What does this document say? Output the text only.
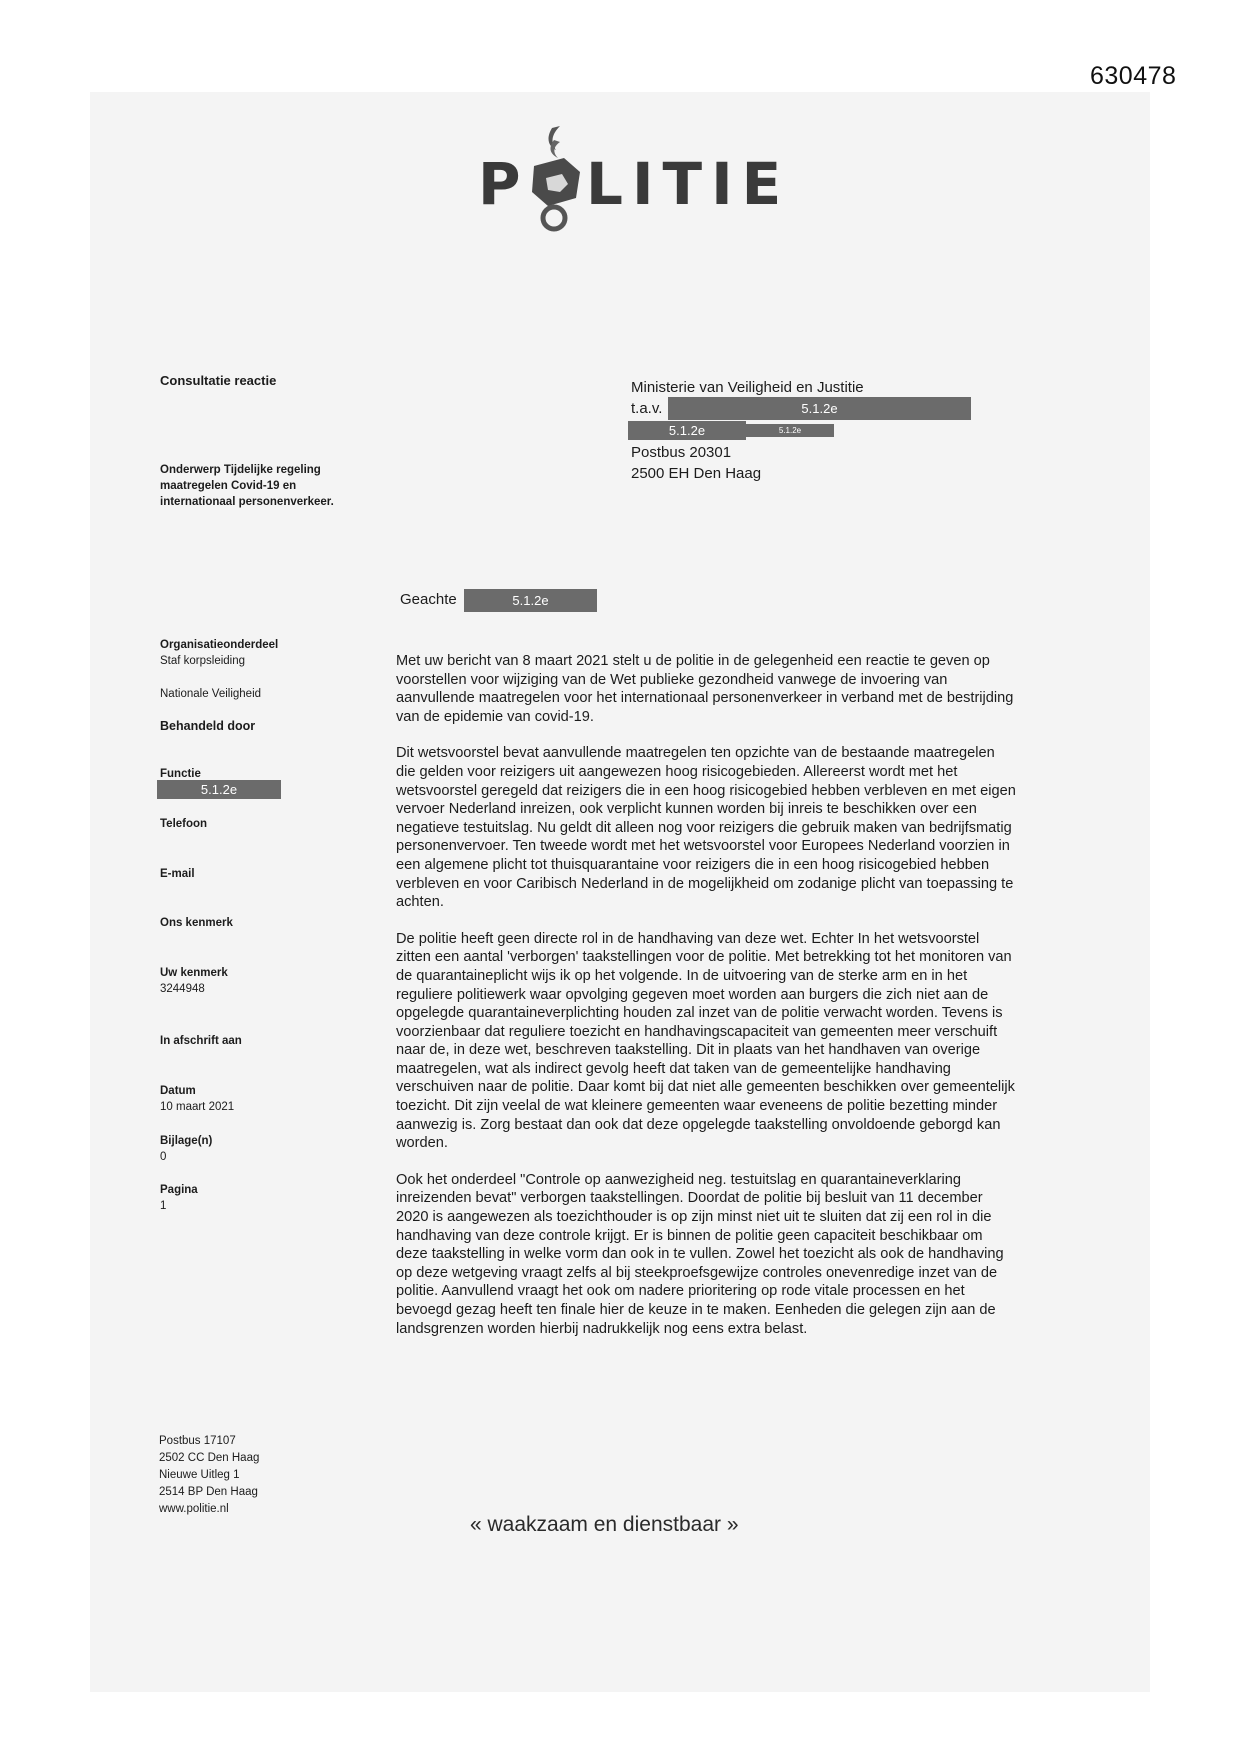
630478
P LITIE
Consultatie reactie
Onderwerp Tijdelijke regeling maatregelen Covid-19 en internationaal personenverkeer.
Organisatieonderdeel
Staf korpsleiding
Nationale Veiligheid
Behandeld door
Functie
5.1.2e
Telefoon
E-mail
Ons kenmerk
Uw kenmerk
3244948
In afschrift aan
Datum
10 maart 2021
Bijlage(n)
0
Pagina
1
Ministerie van Veiligheid en Justitie
t.a.v.	5.1.2e
5.1.2e	5.1.2e
Postbus 20301
2500 EH Den Haag
Geachte	5.1.2e

Met uw bericht van 8 maart 2021 stelt u de politie in de gelegenheid een reactie te geven op voorstellen voor wijziging van de Wet publieke gezondheid vanwege de invoering van aanvullende maatregelen voor het internationaal personenverkeer in verband met de bestrijding van de epidemie van covid-19.

Dit wetsvoorstel bevat aanvullende maatregelen ten opzichte van de bestaande maatregelen die gelden voor reizigers uit aangewezen hoog risicogebieden. Allereerst wordt met het wetsvoorstel geregeld dat reizigers die in een hoog risicogebied hebben verbleven en met eigen vervoer Nederland inreizen, ook verplicht kunnen worden bij inreis te beschikken over een negatieve testuitslag. Nu geldt dit alleen nog voor reizigers die gebruik maken van bedrijfsmatig personenvervoer. Ten tweede wordt met het wetsvoorstel voor Europees Nederland voorzien in een algemene plicht tot thuisquarantaine voor reizigers die in een hoog risicogebied hebben verbleven en voor Caribisch Nederland in de mogelijkheid om zodanige plicht van toepassing te achten.

De politie heeft geen directe rol in de handhaving van deze wet. Echter In het wetsvoorstel zitten een aantal 'verborgen' taakstellingen voor de politie. Met betrekking tot het monitoren van de quarantaineplicht wijs ik op het volgende. In de uitvoering van de sterke arm en in het reguliere politiewerk waar opvolging gegeven moet worden aan burgers die zich niet aan de opgelegde quarantaineverplichting houden zal inzet van de politie verwacht worden. Tevens is voorzienbaar dat reguliere toezicht en handhavingscapaciteit van gemeenten meer verschuift naar de, in deze wet, beschreven taakstelling. Dit in plaats van het handhaven van overige maatregelen, wat als indirect gevolg heeft dat taken van de gemeentelijke handhaving verschuiven naar de politie. Daar komt bij dat niet alle gemeenten beschikken over gemeentelijk toezicht. Dit zijn veelal de wat kleinere gemeenten waar eveneens de politie bezetting minder aanwezig is. Zorg bestaat dan ook dat deze opgelegde taakstelling onvoldoende geborgd kan worden.

Ook het onderdeel "Controle op aanwezigheid neg. testuitslag en quarantaineverklaring inreizenden bevat" verborgen taakstellingen. Doordat de politie bij besluit van 11 december 2020 is aangewezen als toezichthouder is op zijn minst niet uit te sluiten dat zij een rol in die handhaving van deze controle krijgt. Er is binnen de politie geen capaciteit beschikbaar om deze taakstelling in welke vorm dan ook in te vullen. Zowel het toezicht als ook de handhaving op deze wetgeving vraagt zelfs al bij steekproefsgewijze controles onevenredige inzet van de politie. Aanvullend vraagt het ook om nadere prioritering op rode vitale processen en het bevoegd gezag heeft ten finale hier de keuze in te maken. Eenheden die gelegen zijn aan de landsgrenzen worden hierbij nadrukkelijk nog eens extra belast.

Postbus 17107
2502 CC Den Haag
Nieuwe Uitleg 1
2514 BP Den Haag
www.politie.nl
« waakzaam en dienstbaar »
